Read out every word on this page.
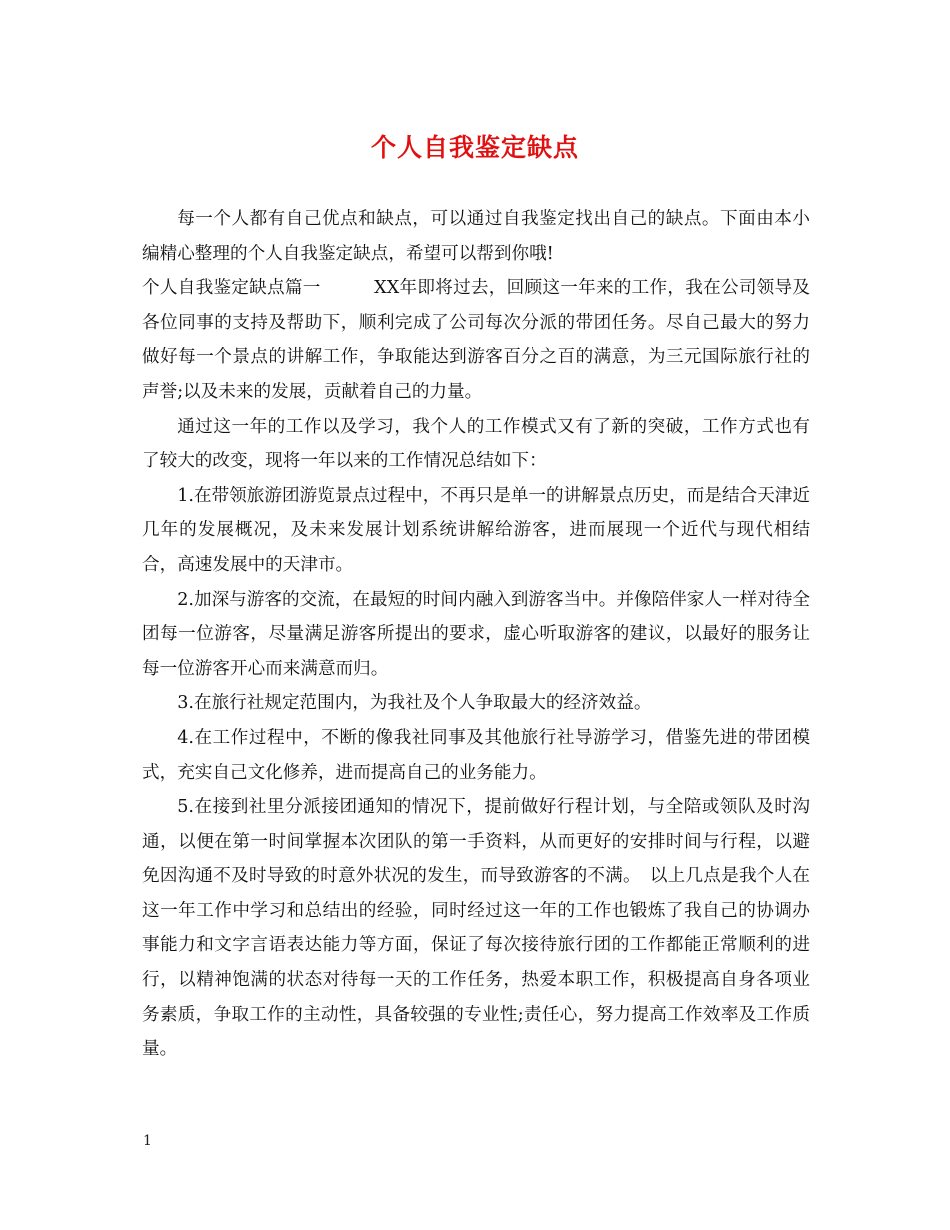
个人自我鉴定缺点

每一个人都有自己优点和缺点，可以通过自我鉴定找出自己的缺点。下面由本小编精心整理的个人自我鉴定缺点，希望可以帮到你哦!

个人自我鉴定缺点篇一　　　XX年即将过去，回顾这一年来的工作，我在公司领导及各位同事的支持及帮助下，顺利完成了公司每次分派的带团任务。尽自己最大的努力做好每一个景点的讲解工作，争取能达到游客百分之百的满意，为三元国际旅行社的声誉;以及未来的发展，贡献着自己的力量。

通过这一年的工作以及学习，我个人的工作模式又有了新的突破，工作方式也有了较大的改变，现将一年以来的工作情况总结如下：

1.在带领旅游团游览景点过程中，不再只是单一的讲解景点历史，而是结合天津近几年的发展概况，及未来发展计划系统讲解给游客，进而展现一个近代与现代相结合，高速发展中的天津市。

2.加深与游客的交流，在最短的时间内融入到游客当中。并像陪伴家人一样对待全团每一位游客，尽量满足游客所提出的要求，虚心听取游客的建议，以最好的服务让每一位游客开心而来满意而归。

3.在旅行社规定范围内，为我社及个人争取最大的经济效益。

4.在工作过程中，不断的像我社同事及其他旅行社导游学习，借鉴先进的带团模式，充实自己文化修养，进而提高自己的业务能力。

5.在接到社里分派接团通知的情况下，提前做好行程计划，与全陪或领队及时沟通，以便在第一时间掌握本次团队的第一手资料，从而更好的安排时间与行程，以避免因沟通不及时导致的时意外状况的发生，而导致游客的不满。　以上几点是我个人在这一年工作中学习和总结出的经验，同时经过这一年的工作也锻炼了我自己的协调办事能力和文字言语表达能力等方面，保证了每次接待旅行团的工作都能正常顺利的进行，以精神饱满的状态对待每一天的工作任务，热爱本职工作，积极提高自身各项业务素质，争取工作的主动性，具备较强的专业性;责任心，努力提高工作效率及工作质量。

1
